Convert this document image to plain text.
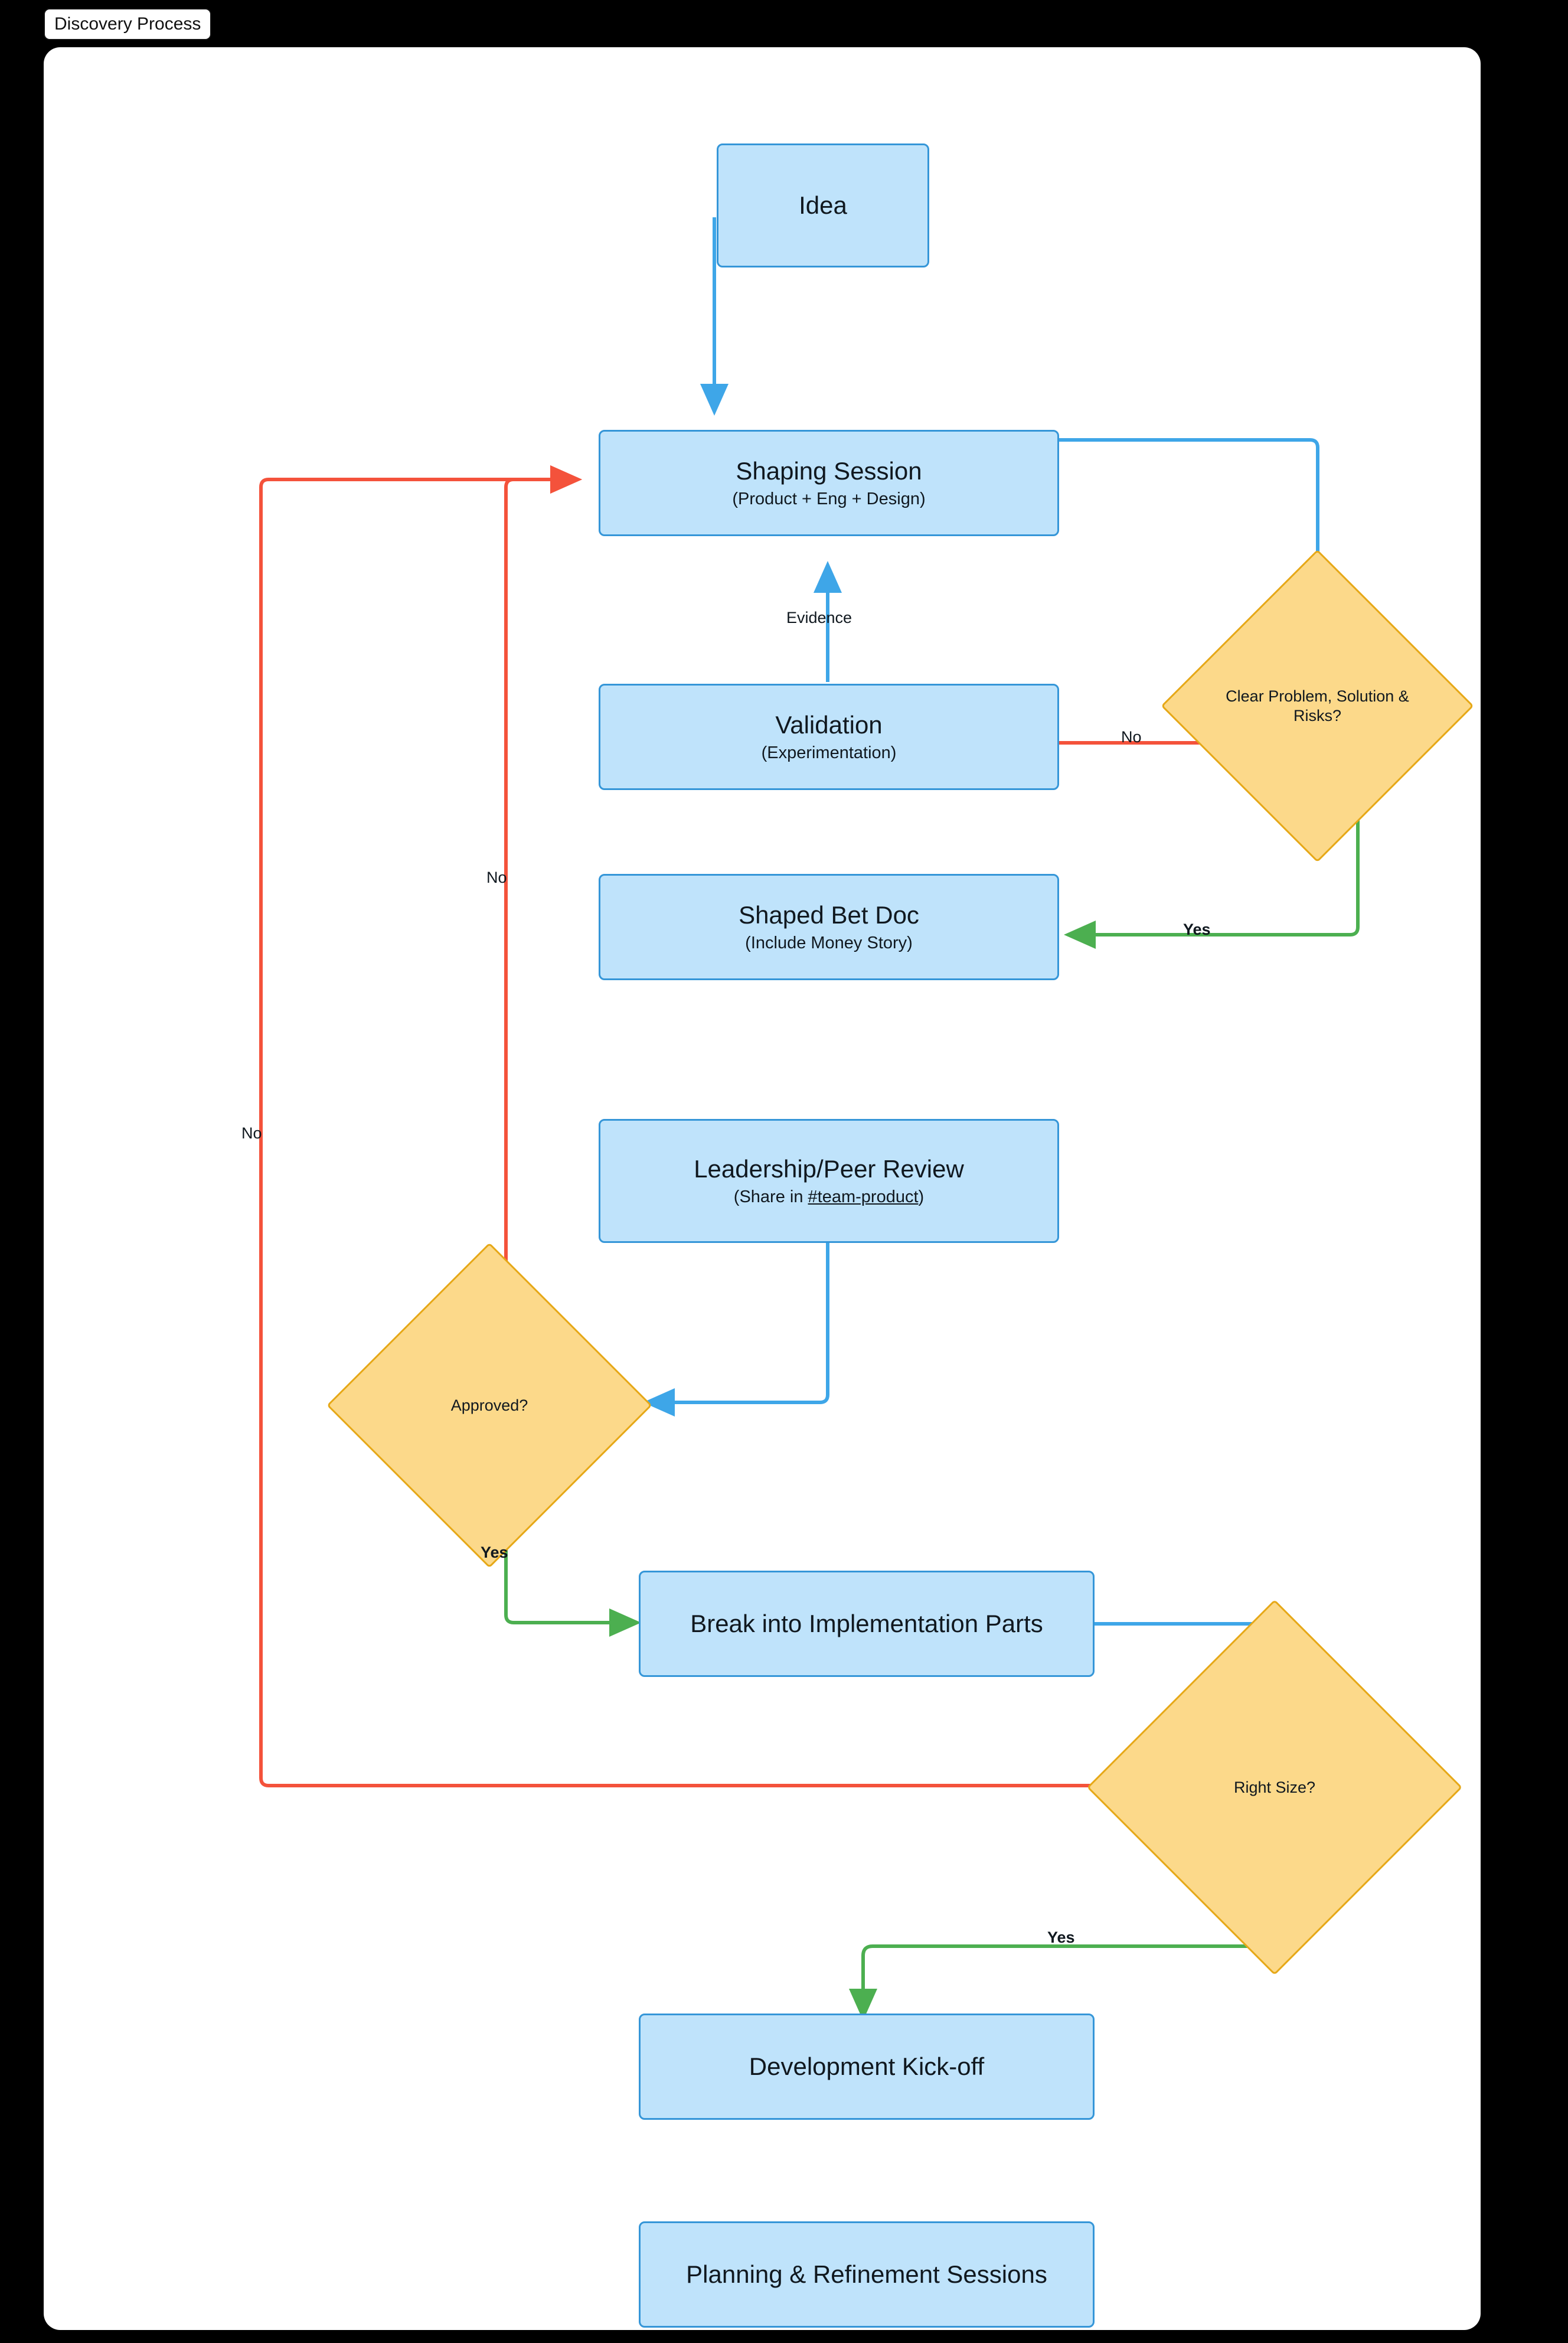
Discovery Process
Idea
Shaping Session
(Product + Eng + Design)
Clear Problem, Solution & Risks?
Validation
(Experimentation)
Shaped Bet Doc
(Include Money Story)
Leadership/Peer Review
(Share in #team-product)
Approved?
Break into Implementation Parts
Right Size?
Development Kick-off
Planning & Refinement Sessions
Evidence
No
Yes
No
Yes
No
Yes
